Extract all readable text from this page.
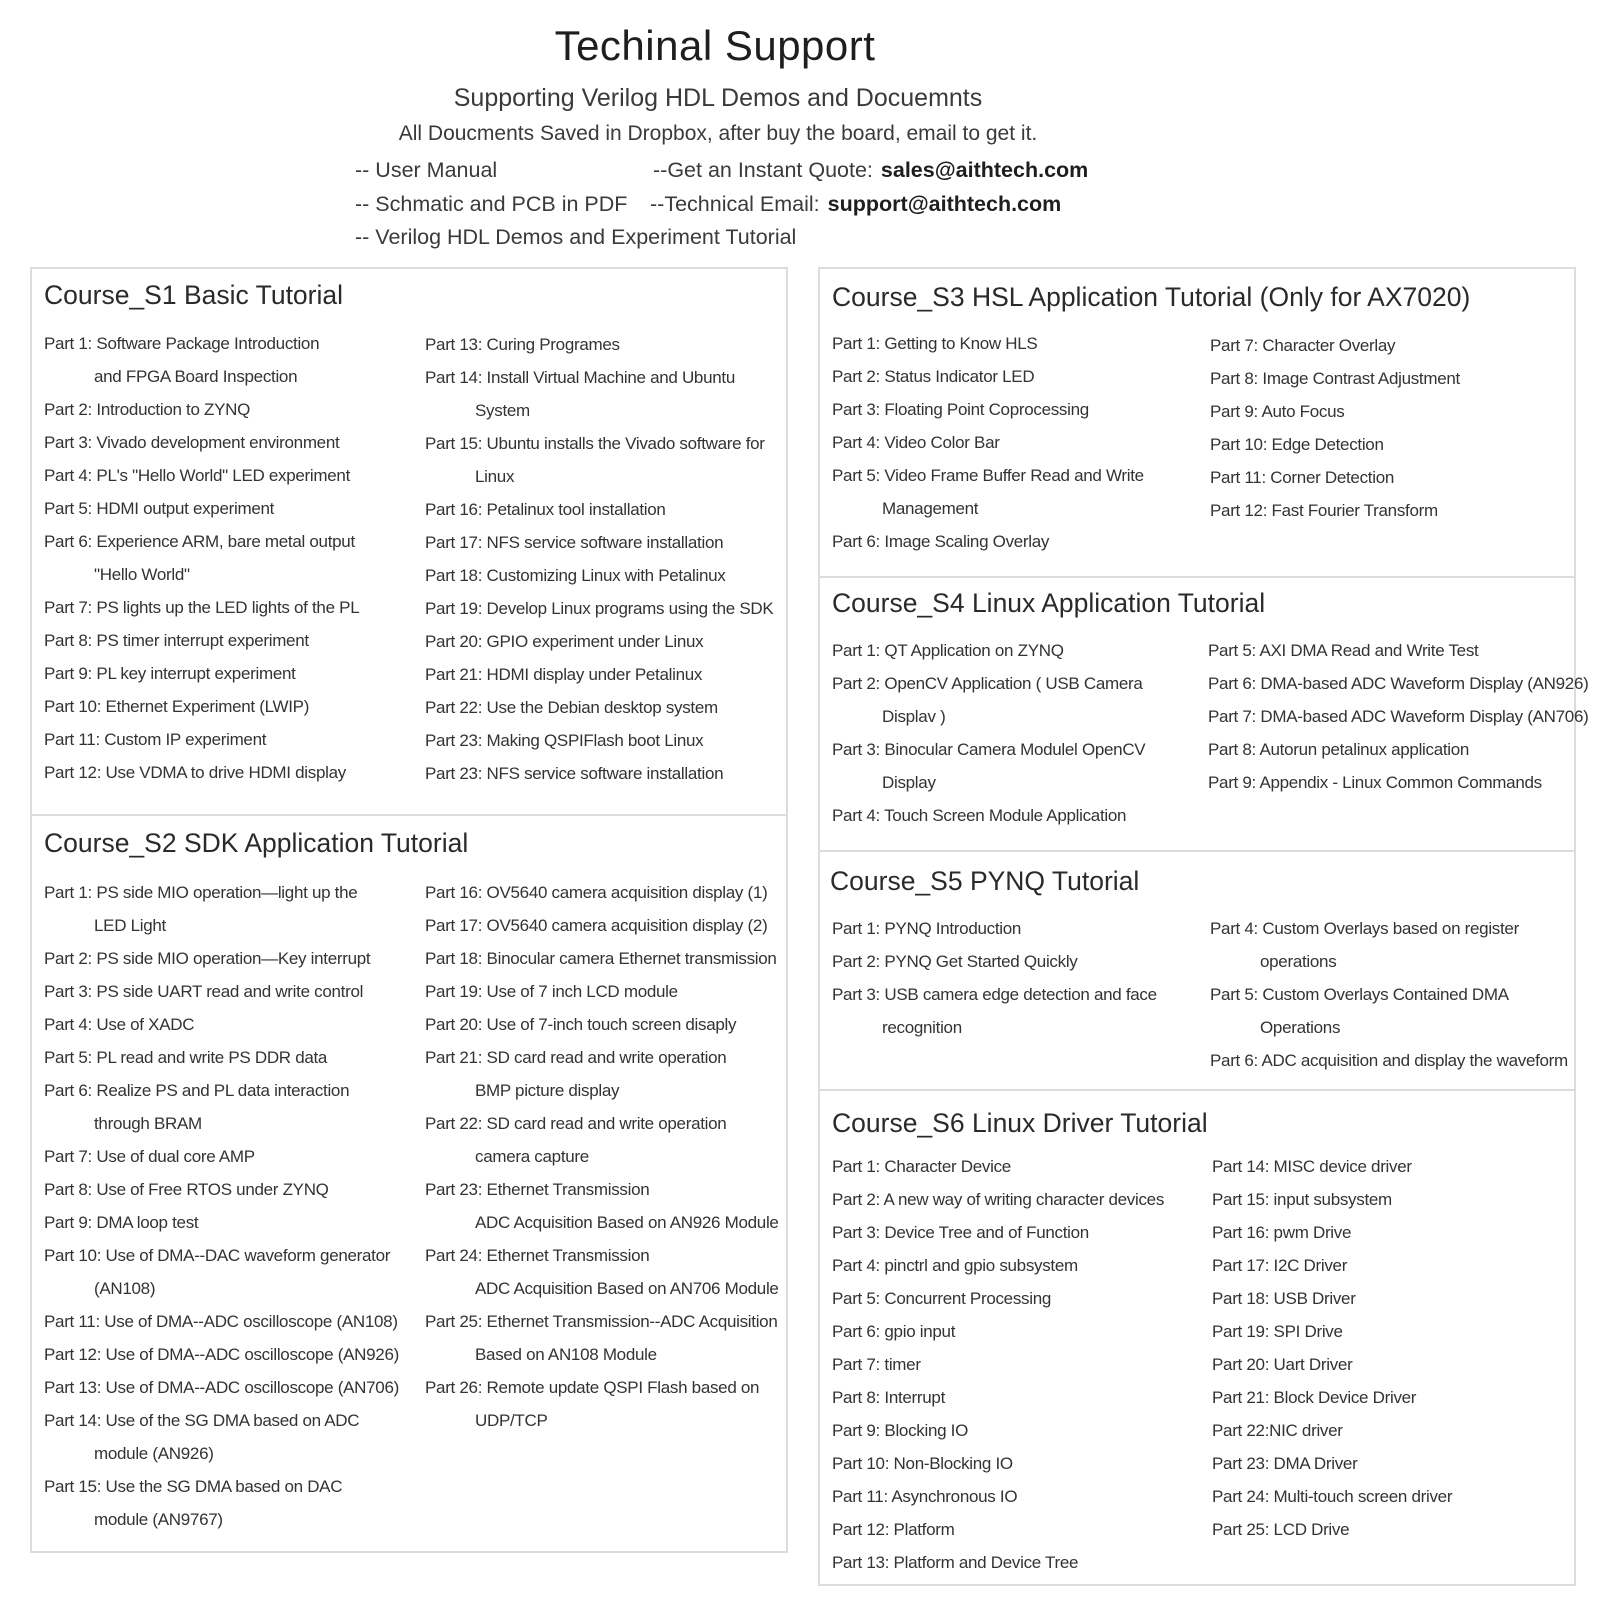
Techinal Support
Supporting Verilog HDL Demos and Docuemnts
All Doucments Saved in Dropbox, after buy the board, email to get it.
-- User Manual
-- Schmatic and PCB in PDF
-- Verilog HDL Demos and Experiment Tutorial
--Get an Instant Quote: sales@aithtech.com
--Technical Email: support@aithtech.com
Course_S1 Basic Tutorial
Part 1: Software Package Introduction
and FPGA Board Inspection
Part 2: Introduction to ZYNQ
Part 3: Vivado development environment
Part 4: PL's "Hello World" LED experiment
Part 5: HDMI output experiment
Part 6: Experience ARM, bare metal output
"Hello World"
Part 7: PS lights up the LED lights of the PL
Part 8: PS timer interrupt experiment
Part 9: PL key interrupt experiment
Part 10: Ethernet Experiment (LWIP)
Part 11: Custom IP experiment
Part 12: Use VDMA to drive HDMI display
Part 13: Curing Programes
Part 14: Install Virtual Machine and Ubuntu
System
Part 15: Ubuntu installs the Vivado software for
Linux
Part 16: Petalinux tool installation
Part 17: NFS service software installation
Part 18: Customizing Linux with Petalinux
Part 19: Develop Linux programs using the SDK
Part 20: GPIO experiment under Linux
Part 21: HDMI display under Petalinux
Part 22: Use the Debian desktop system
Part 23: Making QSPIFlash boot Linux
Part 23: NFS service software installation
Course_S2 SDK Application Tutorial
Part 1: PS side MIO operation—light up the
LED Light
Part 2: PS side MIO operation—Key interrupt
Part 3: PS side UART read and write control
Part 4: Use of XADC
Part 5: PL read and write PS DDR data
Part 6: Realize PS and PL data interaction
through BRAM
Part 7: Use of dual core AMP
Part 8: Use of Free RTOS under ZYNQ
Part 9: DMA loop test
Part 10: Use of DMA--DAC waveform generator
(AN108)
Part 11: Use of DMA--ADC oscilloscope (AN108)
Part 12: Use of DMA--ADC oscilloscope (AN926)
Part 13: Use of DMA--ADC oscilloscope (AN706)
Part 14: Use of the SG DMA based on ADC
module (AN926)
Part 15: Use the SG DMA based on DAC
module (AN9767)
Part 16: OV5640 camera acquisition display (1)
Part 17: OV5640 camera acquisition display (2)
Part 18: Binocular camera Ethernet transmission
Part 19: Use of 7 inch LCD module
Part 20: Use of 7-inch touch screen disaply
Part 21: SD card read and write operation
BMP picture display
Part 22: SD card read and write operation
camera capture
Part 23: Ethernet Transmission
ADC Acquisition Based on AN926 Module
Part 24: Ethernet Transmission
ADC Acquisition Based on AN706 Module
Part 25: Ethernet Transmission--ADC Acquisition
Based on AN108 Module
Part 26: Remote update QSPI Flash based on
UDP/TCP
Course_S3 HSL Application Tutorial (Only for AX7020)
Part 1: Getting to Know HLS
Part 2: Status Indicator LED
Part 3: Floating Point Coprocessing
Part 4: Video Color Bar
Part 5: Video Frame Buffer Read and Write
Management
Part 6: Image Scaling Overlay
Part 7: Character Overlay
Part 8: Image Contrast Adjustment
Part 9: Auto Focus
Part 10: Edge Detection
Part 11: Corner Detection
Part 12: Fast Fourier Transform
Course_S4 Linux Application Tutorial
Part 1: QT Application on ZYNQ
Part 2: OpenCV Application ( USB Camera
Displav )
Part 3: Binocular Camera Modulel OpenCV
Display
Part 4: Touch Screen Module Application
Part 5: AXI DMA Read and Write Test
Part 6: DMA-based ADC Waveform Display (AN926)
Part 7: DMA-based ADC Waveform Display (AN706)
Part 8: Autorun petalinux application
Part 9: Appendix - Linux Common Commands
Course_S5 PYNQ Tutorial
Part 1: PYNQ Introduction
Part 2: PYNQ Get Started Quickly
Part 3: USB camera edge detection and face
recognition
Part 4: Custom Overlays based on register
operations
Part 5: Custom Overlays Contained DMA
Operations
Part 6: ADC acquisition and display the waveform
Course_S6 Linux Driver Tutorial
Part 1: Character Device
Part 2: A new way of writing character devices
Part 3: Device Tree and of Function
Part 4: pinctrl and gpio subsystem
Part 5: Concurrent Processing
Part 6: gpio input
Part 7: timer
Part 8: Interrupt
Part 9: Blocking IO
Part 10: Non-Blocking IO
Part 11: Asynchronous IO
Part 12: Platform
Part 13: Platform and Device Tree
Part 14: MISC device driver
Part 15: input subsystem
Part 16: pwm Drive
Part 17: I2C Driver
Part 18: USB Driver
Part 19: SPI Drive
Part 20: Uart Driver
Part 21: Block Device Driver
Part 22:NIC driver
Part 23: DMA Driver
Part 24: Multi-touch screen driver
Part 25: LCD Drive
